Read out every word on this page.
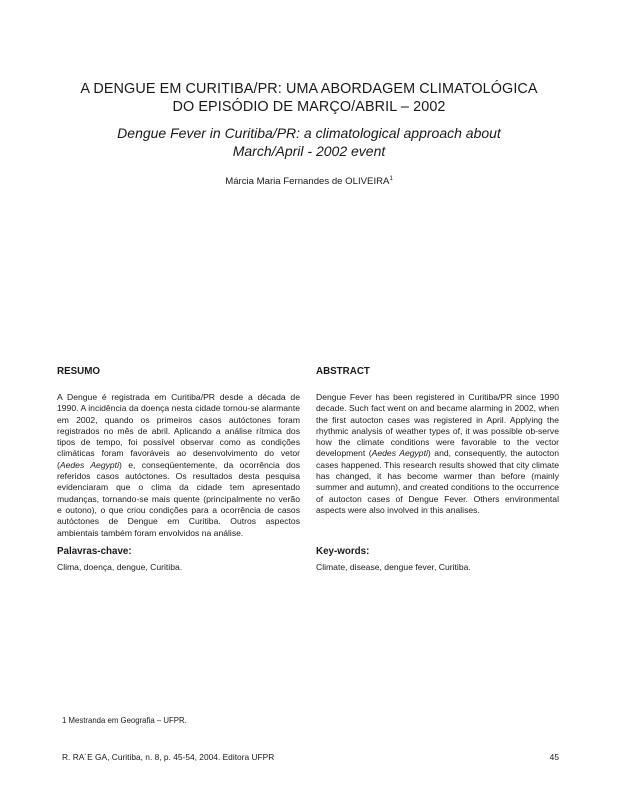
A DENGUE EM CURITIBA/PR: UMA ABORDAGEM CLIMATOLÓGICA
DO EPISÓDIO DE MARÇO/ABRIL – 2002
Dengue Fever in Curitiba/PR: a climatological approach about
March/April - 2002 event
Márcia Maria Fernandes de OLIVEIRA$^1$

RESUMO

A Dengue é registrada em Curitiba/PR desde a década de 1990. A incidência da doença nesta cidade tornou-se alarmante em 2002, quando os primeiros casos autóctones foram registrados no mês de abril. Aplicando a análise rítmica dos tipos de tempo, foi possível observar como as condições climáticas foram favoráveis ao desenvolvimento do vetor (Aedes Aegypti) e, conseqüentemente, da ocorrência dos referidos casos autóctones. Os resultados desta pesquisa evidenciaram que o clima da cidade tem apresentado mudanças, tornando-se mais quente (principalmente no verão e outono), o que criou condições para a ocorrência de casos autóctones de Dengue em Curitiba. Outros aspectos ambientais também foram envolvidos na análise.

Palavras-chave:

Clima, doença, dengue, Curitiba.

ABSTRACT

Dengue Fever has been registered in Curitiba/PR since 1990 decade. Such fact went on and became alarming in 2002, when the first autocton cases was registered in April. Applying the rhythmic analysis of weather types of, it was possible ob-serve how the climate conditions were favorable to the vector development (Aedes Aegypti) and, consequently, the autocton cases happened. This research results showed that city climate has changed, it has become warmer than before (mainly summer and autumn), and created conditions to the occurrence of autocton cases of Dengue Fever. Others environmental aspects were also involved in this analises.

Key-words:

Climate, disease, dengue fever, Curitiba.

1 Mestranda em Geografia – UFPR.
R. RA´E GA, Curitiba, n. 8, p. 45-54, 2004. Editora UFPR	45
